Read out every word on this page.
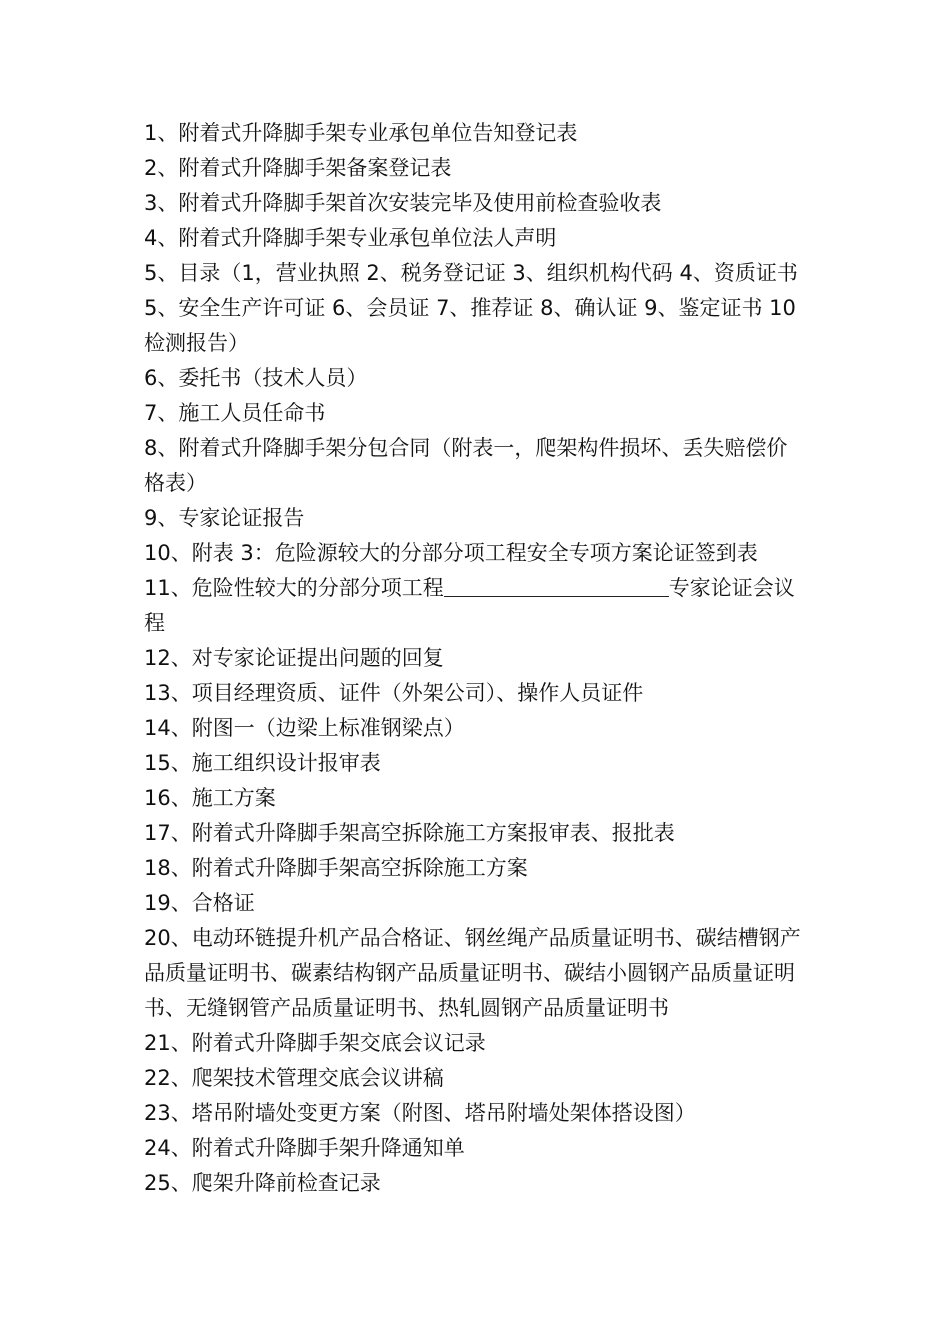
1、附着式升降脚手架专业承包单位告知登记表
2、附着式升降脚手架备案登记表
3、附着式升降脚手架首次安装完毕及使用前检查验收表
4、附着式升降脚手架专业承包单位法人声明
5、目录（1，营业执照 2、税务登记证 3、组织机构代码 4、资质证书 5、安全生产许可证 6、会员证 7、推荐证 8、确认证 9、鉴定证书 10 检测报告）
6、委托书（技术人员）
7、施工人员任命书
8、附着式升降脚手架分包合同（附表一，爬架构件损坏、丢失赔偿价格表）
9、专家论证报告
10、附表 3：危险源较大的分部分项工程安全专项方案论证签到表
11、危险性较大的分部分项工程	专家论证会议程
12、对专家论证提出问题的回复
13、项目经理资质、证件（外架公司）、操作人员证件
14、附图一（边梁上标准钢梁点）
15、施工组织设计报审表
16、施工方案
17、附着式升降脚手架高空拆除施工方案报审表、报批表
18、附着式升降脚手架高空拆除施工方案
19、合格证
20、电动环链提升机产品合格证、钢丝绳产品质量证明书、碳结槽钢产品质量证明书、碳素结构钢产品质量证明书、碳结小圆钢产品质量证明书、无缝钢管产品质量证明书、热轧圆钢产品质量证明书
21、附着式升降脚手架交底会议记录
22、爬架技术管理交底会议讲稿
23、塔吊附墙处变更方案（附图、塔吊附墙处架体搭设图）
24、附着式升降脚手架升降通知单
25、爬架升降前检查记录
